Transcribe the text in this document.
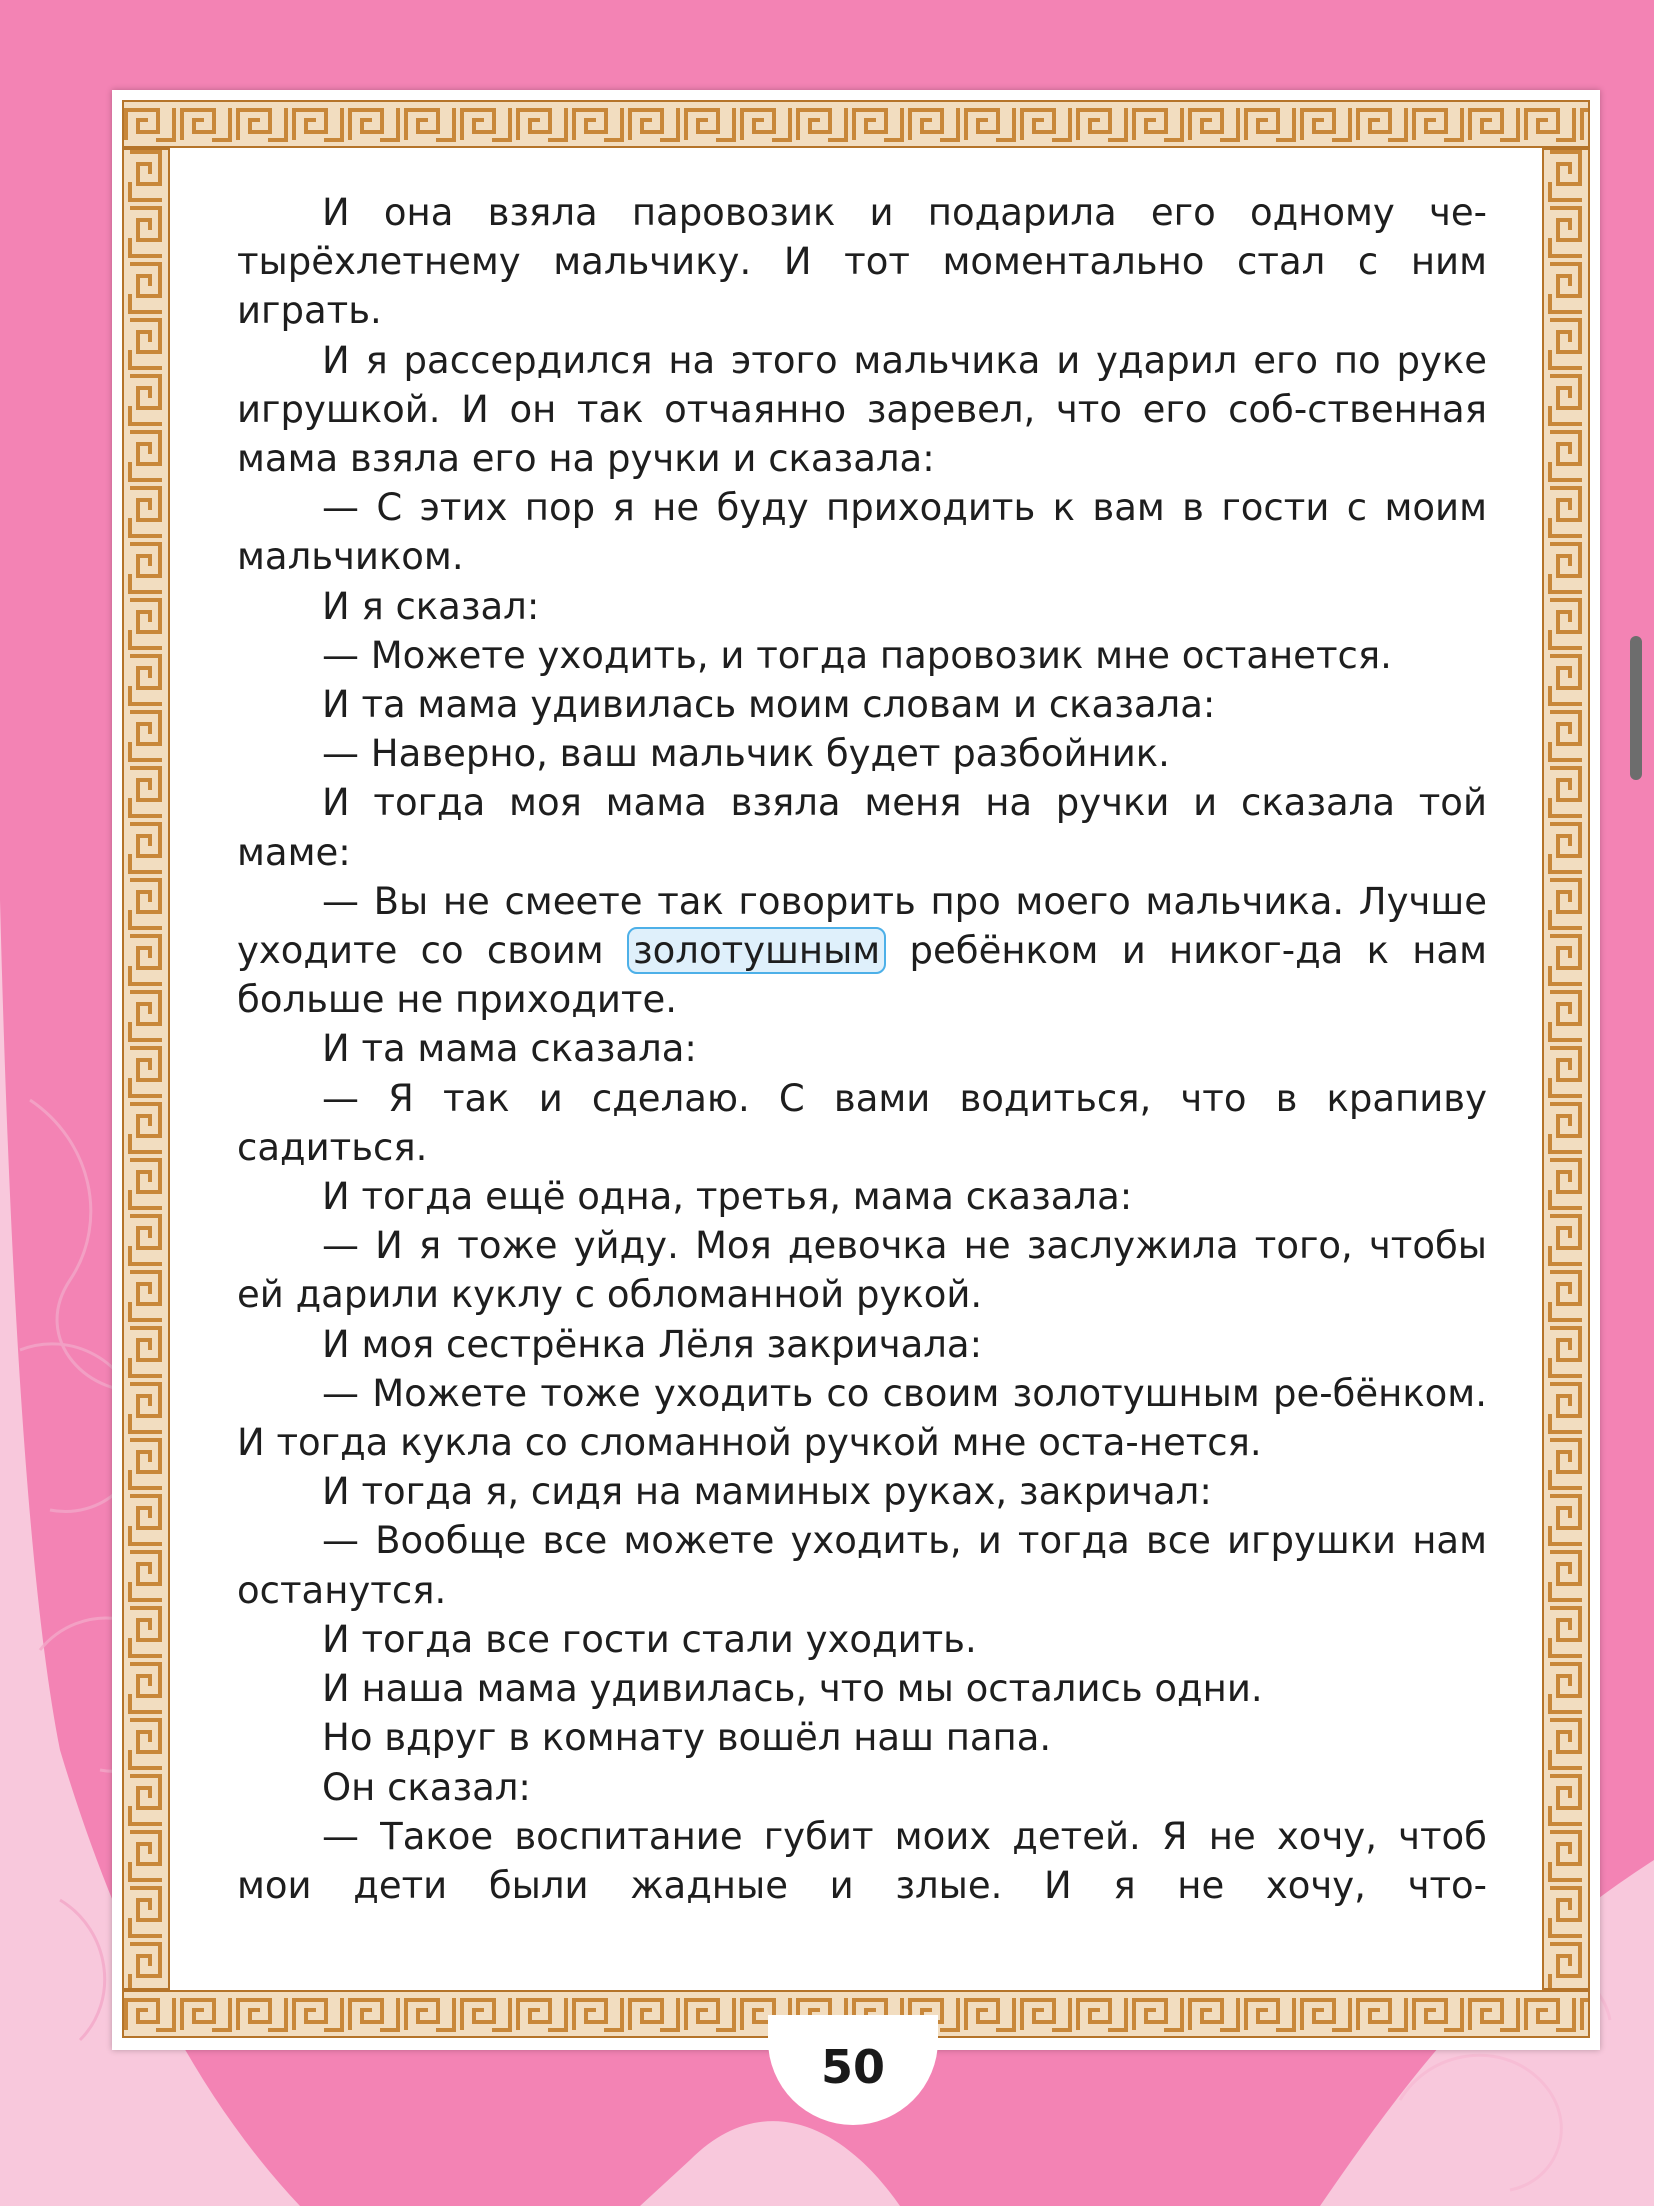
И она взяла паровозик и подарила его одному че-тырёхлетнему мальчику. И тот моментально стал с ним играть.

И я рассердился на этого мальчика и ударил его по руке игрушкой. И он так отчаянно заревел, что его соб-ственная мама взяла его на ручки и сказала:

— С этих пор я не буду приходить к вам в гости с моим мальчиком.

И я сказал:

— Можете уходить, и тогда паровозик мне останется.

И та мама удивилась моим словам и сказала:

— Наверно, ваш мальчик будет разбойник.

И тогда моя мама взяла меня на ручки и сказала той маме:

— Вы не смеете так говорить про моего мальчика. Лучше уходите со своим золотушным ребёнком и никог-да к нам больше не приходите.

И та мама сказала:

— Я так и сделаю. С вами водиться, что в крапиву садиться.

И тогда ещё одна, третья, мама сказала:

— И я тоже уйду. Моя девочка не заслужила того, чтобы ей дарили куклу с обломанной рукой.

И моя сестрёнка Лёля закричала:

— Можете тоже уходить со своим золотушным ре-бёнком. И тогда кукла со сломанной ручкой мне оста-нется.

И тогда я, сидя на маминых руках, закричал:

— Вообще все можете уходить, и тогда все игрушки нам останутся.

И тогда все гости стали уходить.

И наша мама удивилась, что мы остались одни.

Но вдруг в комнату вошёл наш папа.

Он сказал:

— Такое воспитание губит моих детей. Я не хочу, чтоб мои дети были жадные и злые. И я не хочу, что-

50
